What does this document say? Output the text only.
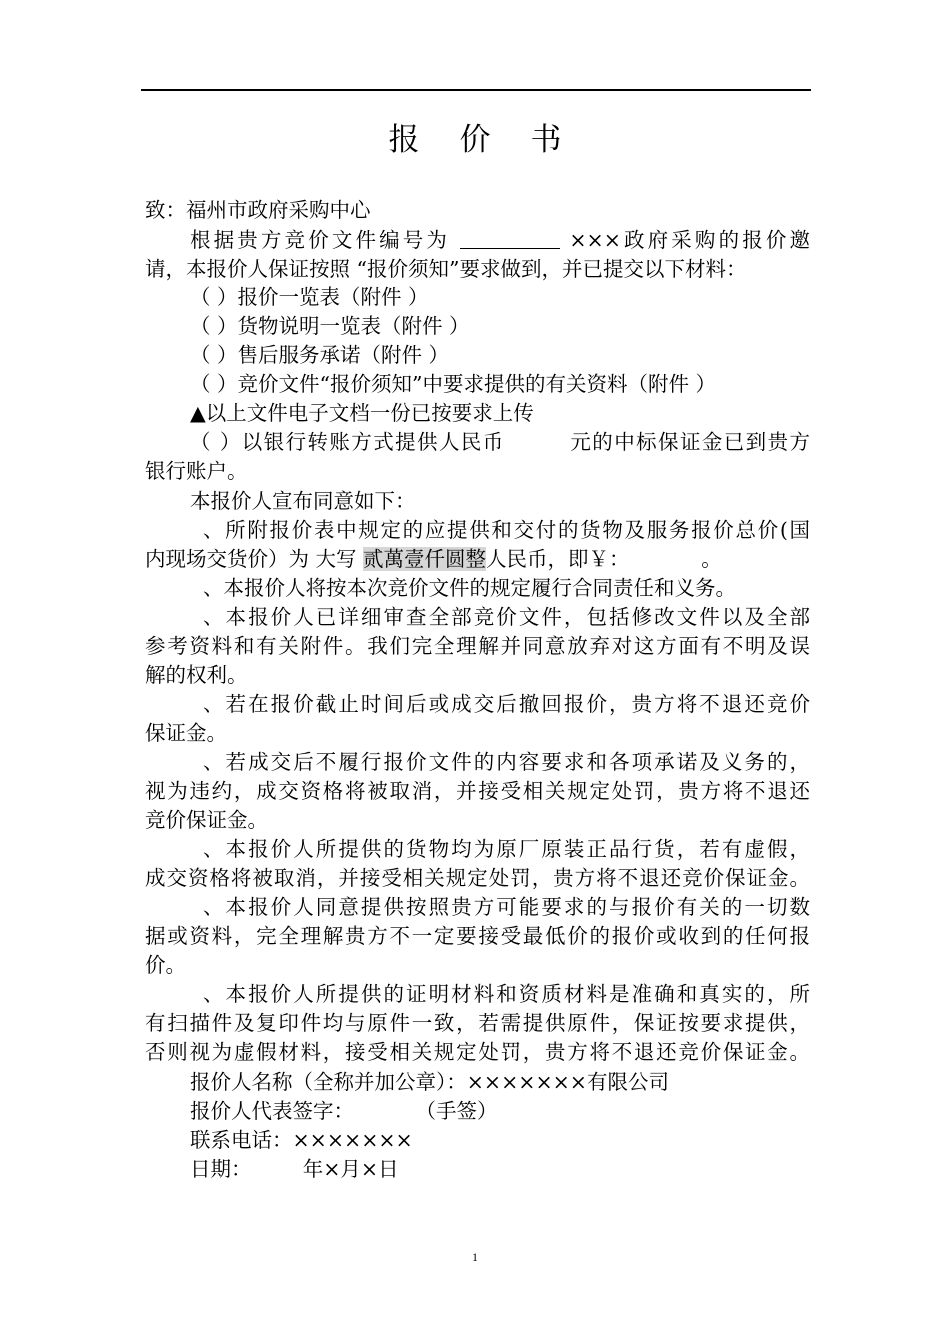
报 价 书
致：福州市政府采购中心
根据贵方竞价文件编号为	×××政府采购的报价邀
请，本报价人保证按照 “报价须知”要求做到，并已提交以下材料：
（ ）报价一览表（附件 ）
（ ）货物说明一览表（附件 ）
（ ）售后服务承诺（附件 ）
（ ）竞价文件“报价须知”中要求提供的有关资料（附件 ）
▲以上文件电子文档一份已按要求上传
（ ）以银行转账方式提供人民币　　　元的中标保证金已到贵方
银行账户。
本报价人宣布同意如下：
、所附报价表中规定的应提供和交付的货物及服务报价总价(国
内现场交货价）为 大写 贰萬壹仟圆整人民币，即￥：　　　　。
、本报价人将按本次竞价文件的规定履行合同责任和义务。
、本报价人已详细审查全部竞价文件，包括修改文件以及全部
参考资料和有关附件。我们完全理解并同意放弃对这方面有不明及误
解的权利。
、若在报价截止时间后或成交后撤回报价，贵方将不退还竞价
保证金。
、若成交后不履行报价文件的内容要求和各项承诺及义务的，
视为违约，成交资格将被取消，并接受相关规定处罚，贵方将不退还
竞价保证金。
、本报价人所提供的货物均为原厂原装正品行货，若有虚假，
成交资格将被取消，并接受相关规定处罚，贵方将不退还竞价保证金。
、本报价人同意提供按照贵方可能要求的与报价有关的一切数
据或资料，完全理解贵方不一定要接受最低价的报价或收到的任何报
价。
、本报价人所提供的证明材料和资质材料是准确和真实的，所
有扫描件及复印件均与原件一致，若需提供原件，保证按要求提供，
否则视为虚假材料，接受相关规定处罚，贵方将不退还竞价保证金。
报价人名称（全称并加公章）：×××××××有限公司
报价人代表签字：　　　　（手签）
联系电话：×××××××
日期：　　　年×月×日
1
